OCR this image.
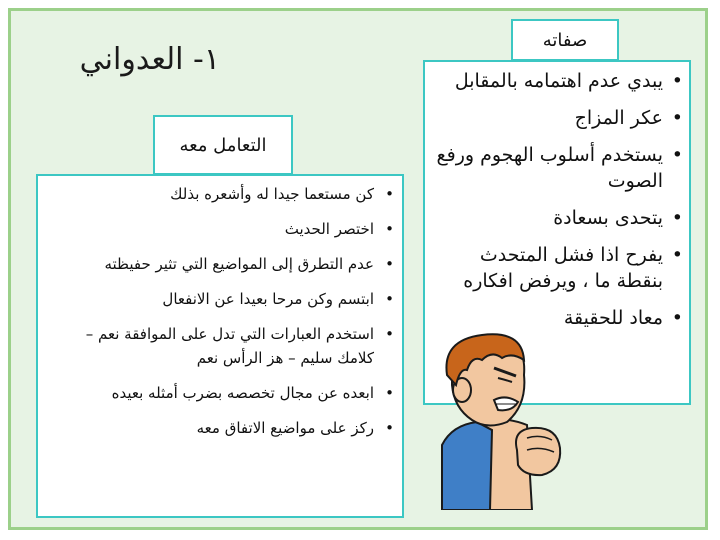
١- العدواني
صفاته
• يبدي عدم اهتمامه بالمقابل
• عكر المزاج
• يستخدم أسلوب الهجوم ورفع الصوت
• يتحدى بسعادة
• يفرح اذا فشل المتحدث بنقطة ما ، ويرفض افكاره
• معاد للحقيقة
التعامل معه
• كن مستعما جيدا له وأشعره بذلك
• اختصر الحديث
• عدم التطرق إلى المواضيع التي تثير حفيظته
• ابتسم وكن مرحا بعيدا عن الانفعال
• استخدم العبارات التي تدل على الموافقة نعم – كلامك سليم – هز الرأس نعم
• ابعده عن مجال تخصصه بضرب أمثله بعيده
• ركز على مواضيع الاتفاق معه
